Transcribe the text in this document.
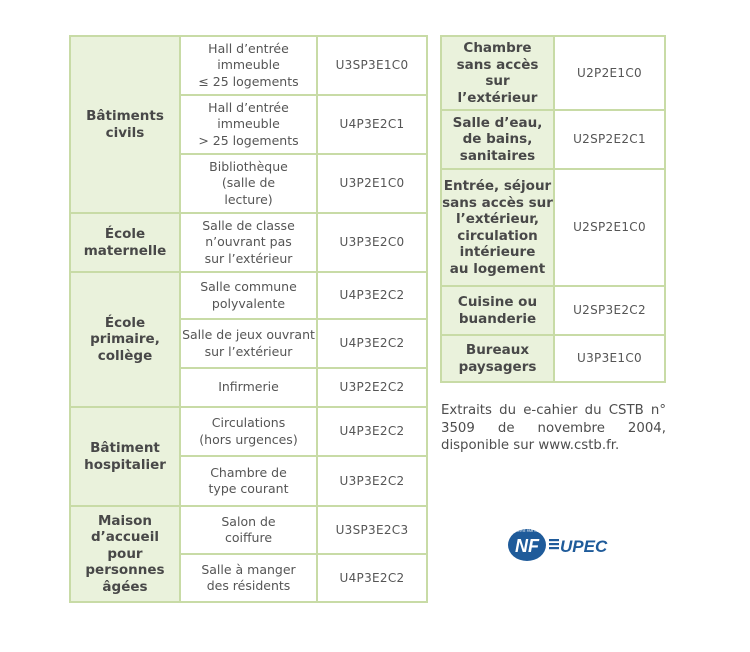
Bâtiments
civils
Hall d’entrée
immeuble
≤ 25 logements
U3SP3E1C0
Hall d’entrée
immeuble
> 25 logements
U4P3E2C1
Bibliothèque
(salle de
lecture)
U3P2E1C0
École
maternelle
Salle de classe
n’ouvrant pas
sur l’extérieur
U3P3E2C0
École
primaire,
collège
Salle commune
polyvalente
U4P3E2C2
Salle de jeux ouvrant
sur l’extérieur
U4P3E2C2
Infirmerie	U3P2E2C2
Bâtiment
hospitalier
Circulations
(hors urgences)
U4P3E2C2
Chambre de
type courant
U3P3E2C2
Maison
d’accueil
pour
personnes
âgées
Salon de
coiffure
U3SP3E2C3
Salle à manger
des résidents
U4P3E2C2
Chambre
sans accès
sur
l’extérieur
U2P2E1C0
Salle d’eau,
de bains,
sanitaires
U2SP2E2C1
Entrée, séjour
sans accès sur
l’extérieur,
circulation
intérieure
au logement
U2SP2E1C0
Cuisine ou
buanderie
U2SP3E2C2
Bureaux
paysagers
U3P3E1C0
Extraits du e-cahier du CSTB n° 3509 de novembre 2004, disponible sur www.cstb.fr.
NF
CERTIFIÉ PAR CSTB
UPEC
